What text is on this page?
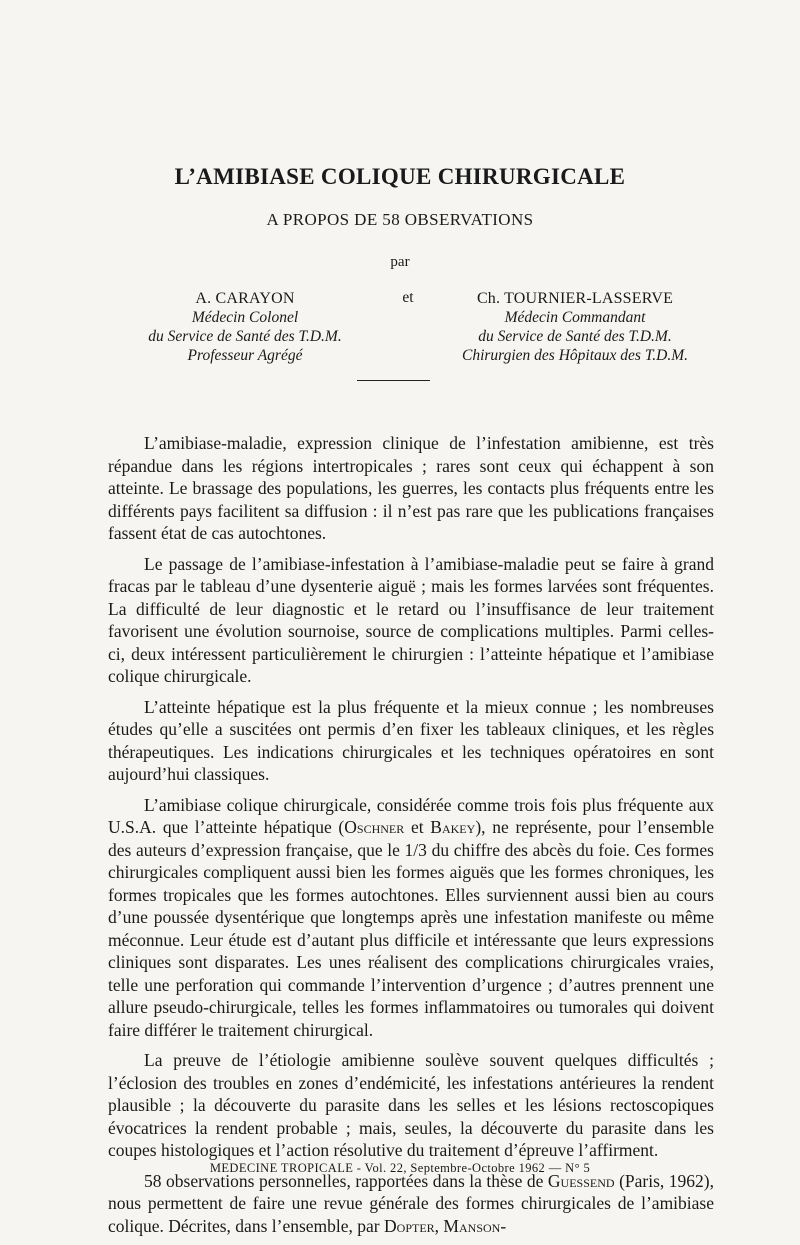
L’AMIBIASE COLIQUE CHIRURGICALE
A PROPOS DE 58 OBSERVATIONS
par
A. CARAYON
Médecin Colonel
du Service de Santé des T.D.M.
Professeur Agrégé
Ch. TOURNIER-LASSERVE
Médecin Commandant
du Service de Santé des T.D.M.
Chirurgien des Hôpitaux des T.D.M.
et

L’amibiase-maladie, expression clinique de l’infestation amibienne, est très répandue dans les régions intertropicales ; rares sont ceux qui échappent à son atteinte. Le brassage des populations, les guerres, les contacts plus fréquents entre les différents pays facilitent sa diffusion : il n’est pas rare que les publications françaises fassent état de cas autochtones.

Le passage de l’amibiase-infestation à l’amibiase-maladie peut se faire à grand fracas par le tableau d’une dysenterie aiguë ; mais les formes larvées sont fréquentes. La difficulté de leur diagnostic et le retard ou l’insuffisance de leur traitement favorisent une évolution sournoise, source de complications multiples. Parmi celles-ci, deux intéressent particulièrement le chirurgien : l’atteinte hépatique et l’amibiase colique chirurgicale.

L’atteinte hépatique est la plus fréquente et la mieux connue ; les nombreuses études qu’elle a suscitées ont permis d’en fixer les tableaux cliniques, et les règles thérapeutiques. Les indications chirurgicales et les techniques opératoires en sont aujourd’hui classiques.

L’amibiase colique chirurgicale, considérée comme trois fois plus fréquente aux U.S.A. que l’atteinte hépatique (Oschner et Bakey), ne représente, pour l’ensemble des auteurs d’expression française, que le 1/3 du chiffre des abcès du foie. Ces formes chirurgicales compliquent aussi bien les formes aiguës que les formes chroniques, les formes tropicales que les formes autochtones. Elles surviennent aussi bien au cours d’une poussée dysentérique que longtemps après une infestation manifeste ou même méconnue. Leur étude est d’autant plus difficile et intéressante que leurs expressions cliniques sont disparates. Les unes réalisent des complications chirurgicales vraies, telle une perforation qui commande l’intervention d’urgence ; d’autres prennent une allure pseudo-chirurgicale, telles les formes inflammatoires ou tumorales qui doivent faire différer le traitement chirurgical.

La preuve de l’étiologie amibienne soulève souvent quelques difficultés ; l’éclosion des troubles en zones d’endémicité, les infestations antérieures la rendent plausible ; la découverte du parasite dans les selles et les lésions rectoscopiques évocatrices la rendent probable ; mais, seules, la découverte du parasite dans les coupes histologiques et l’action résolutive du traitement d’épreuve l’affirment.

58 observations personnelles, rapportées dans la thèse de Guessend (Paris, 1962), nous permettent de faire une revue générale des formes chirurgicales de l’amibiase colique. Décrites, dans l’ensemble, par Dopter, Manson-

MEDECINE TROPICALE - Vol. 22, Septembre-Octobre 1962 — N° 5
